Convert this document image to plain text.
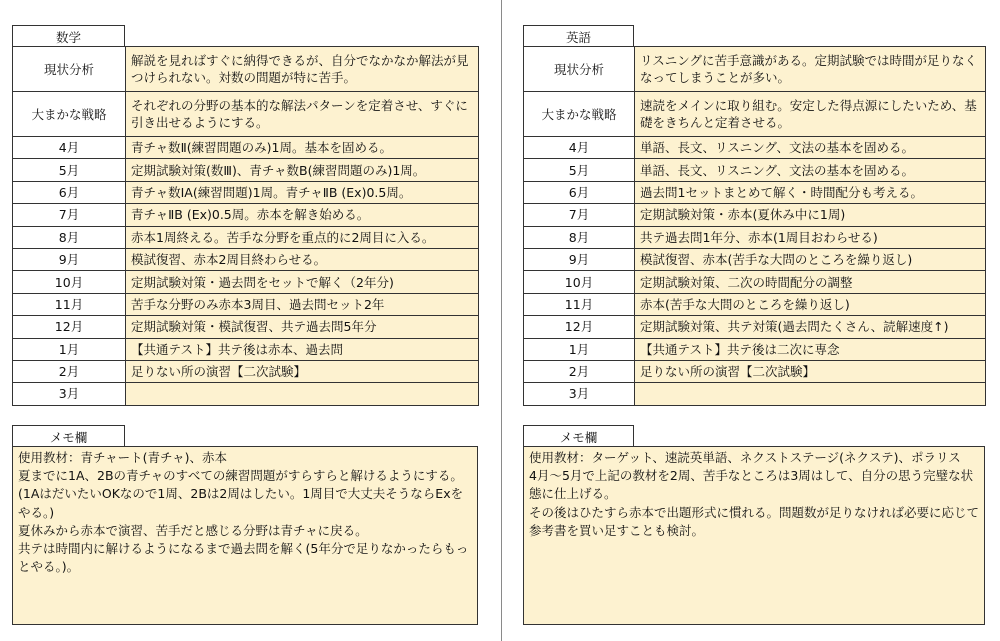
数学
現状分析	解説を見ればすぐに納得できるが、自分でなかなか解法が見つけられない。対数の問題が特に苦手。
大まかな戦略	それぞれの分野の基本的な解法パターンを定着させ、すぐに引き出せるようにする。
4月	青チャ数Ⅱ(練習問題のみ)1周。基本を固める。
5月	定期試験対策(数Ⅲ)、青チャ数B(練習問題のみ)1周。
6月	青チャ数ⅠA(練習問題)1周。青チャⅡB (Ex)0.5周。
7月	青チャⅡB (Ex)0.5周。赤本を解き始める。
8月	赤本1周終える。苦手な分野を重点的に2周目に入る。
9月	模試復習、赤本2周目終わらせる。
10月	定期試験対策・過去問をセットで解く（2年分)
11月	苦手な分野のみ赤本3周目、過去問セット2年
12月	定期試験対策・模試復習、共テ過去問5年分
1月	【共通テスト】共テ後は赤本、過去問
2月	足りない所の演習【二次試験】
3月	
メモ欄
使用教材：青チャート(青チャ)、赤本
夏までに1A、2Bの青チャのすべての練習問題がすらすらと解けるようにする。(1AはだいたいOKなので1周、2Bは2周はしたい。1周目で大丈夫そうならExをやる。)
夏休みから赤本で演習、苦手だと感じる分野は青チャに戻る。
共テは時間内に解けるようになるまで過去問を解く(5年分で足りなかったらもっとやる。)。
英語
現状分析	リスニングに苦手意識がある。定期試験では時間が足りなくなってしまうことが多い。
大まかな戦略	速読をメインに取り組む。安定した得点源にしたいため、基礎をきちんと定着させる。
4月	単語、長文、リスニング、文法の基本を固める。
5月	単語、長文、リスニング、文法の基本を固める。
6月	過去問1セットまとめて解く・時間配分も考える。
7月	定期試験対策・赤本(夏休み中に1周)
8月	共テ過去問1年分、赤本(1周目おわらせる)
9月	模試復習、赤本(苦手な大問のところを繰り返し)
10月	定期試験対策、二次の時間配分の調整
11月	赤本(苦手な大問のところを繰り返し)
12月	定期試験対策、共テ対策(過去問たくさん、読解速度↑)
1月	【共通テスト】共テ後は二次に専念
2月	足りない所の演習【二次試験】
3月	
メモ欄
使用教材：ターゲット、速読英単語、ネクストステージ(ネクステ)、ポラリス
4月〜5月で上記の教材を2周、苦手なところは3周はして、自分の思う完璧な状態に仕上げる。
その後はひたすら赤本で出題形式に慣れる。問題数が足りなければ必要に応じて参考書を買い足すことも検討。
